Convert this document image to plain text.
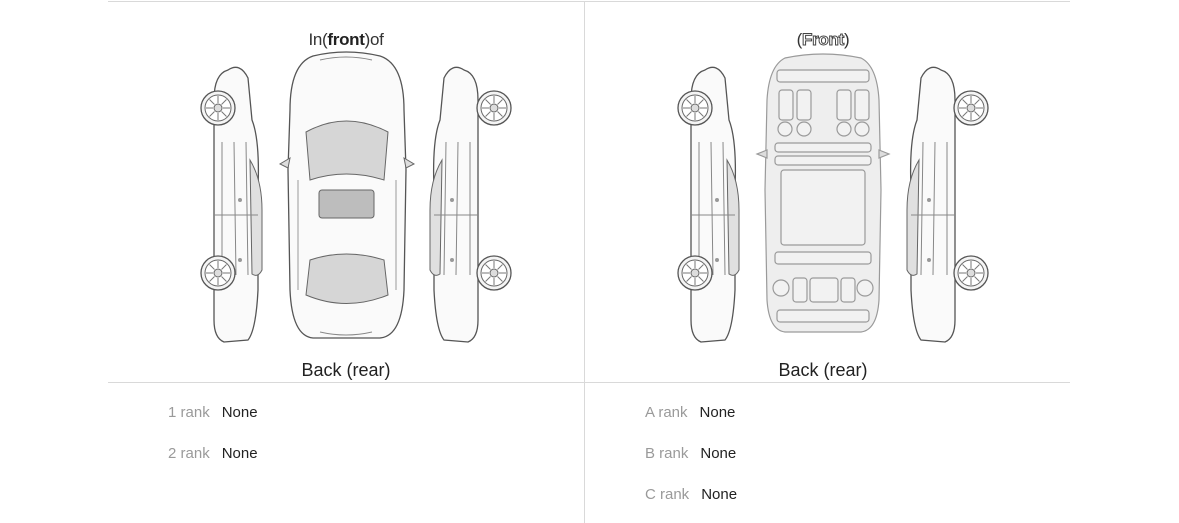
In(front)of
Back (rear)
(Front)
Back (rear)
1 rank None
2 rank None
A rank None
B rank None
C rank None
